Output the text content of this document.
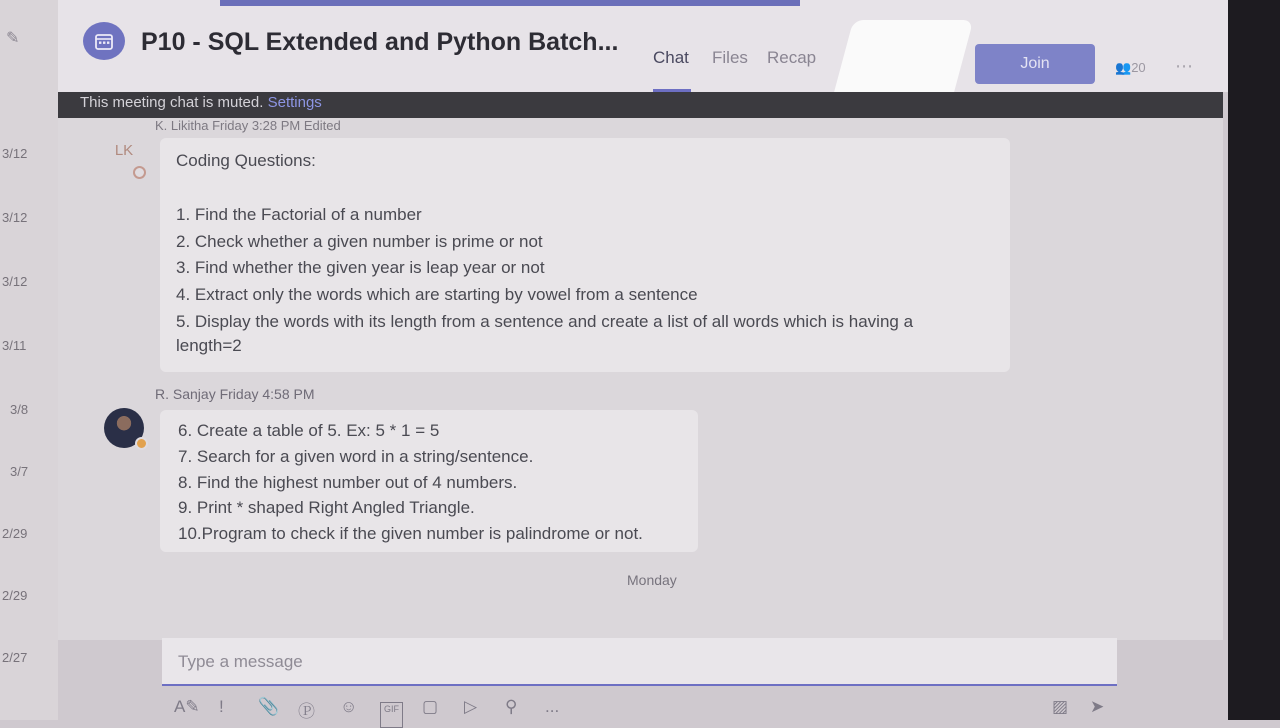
✎
3/12
3/12
3/12
3/11
3/8
3/7
2/29
2/29
2/27
P10 - SQL Extended and Python Batch...
Chat Files Recap	Join	👥20 ⋯
This meeting chat is muted. Settings
K. Likitha Friday 3:28 PM Edited
LK
Coding Questions:
1. Find the Factorial of a number
2. Check whether a given number is prime or not
3. Find whether the given year is leap year or not
4. Extract only the words which are starting by vowel from a sentence
5. Display the words with its length from a sentence and create a list of all words which is having a
length=2
R. Sanjay Friday 4:58 PM
6. Create a table of 5. Ex: 5 * 1 = 5
7. Search for a given word in a string/sentence.
8. Find the highest number out of 4 numbers.
9. Print * shaped Right Angled Triangle.
10.Program to check if the given number is palindrome or not.
Monday
Type a message
A✎ ! 📎 Ⓟ ☺	GIF ▢ ▷ ⚲ ...	▨ ➤
